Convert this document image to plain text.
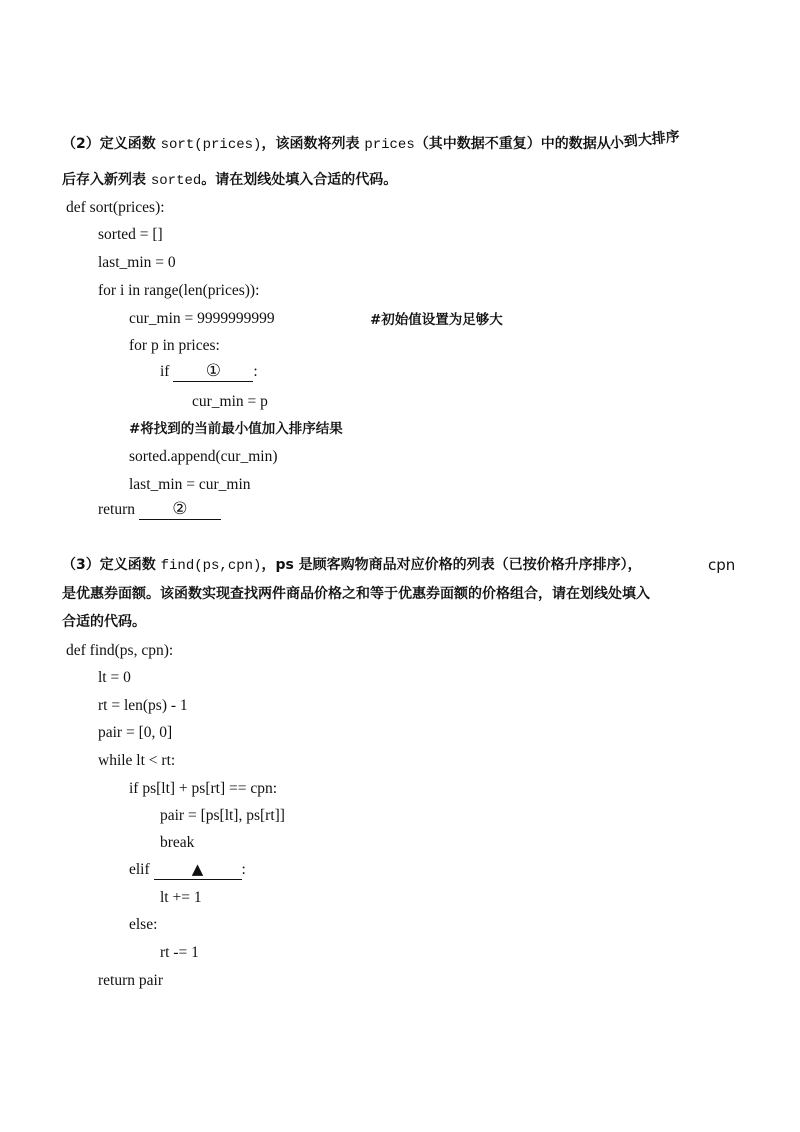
（2）定义函数 sort(prices)，该函数将列表 prices（其中数据不重复）中的数据从小到大排序
后存入新列表 sorted。请在划线处填入合适的代码。
def sort(prices):
sorted = []
last_min = 0
for i in range(len(prices)):
cur_min = 9999999999	#初始值设置为足够大
for p in prices:
if ① :
cur_min = p
#将找到的当前最小值加入排序结果
sorted.append(cur_min)
last_min = cur_min
return ②
（3）定义函数 find(ps,cpn)，ps 是顾客购物商品对应价格的列表（已按价格升序排序），	cpn
是优惠券面额。该函数实现查找两件商品价格之和等于优惠券面额的价格组合，请在划线处填入
合适的代码。
def find(ps, cpn):
lt = 0
rt = len(ps) - 1
pair = [0, 0]
while lt < rt:
if ps[lt] + ps[rt] == cpn:
pair = [ps[lt], ps[rt]]
break
elif	▲ :
lt += 1
else:
rt -= 1
return pair
